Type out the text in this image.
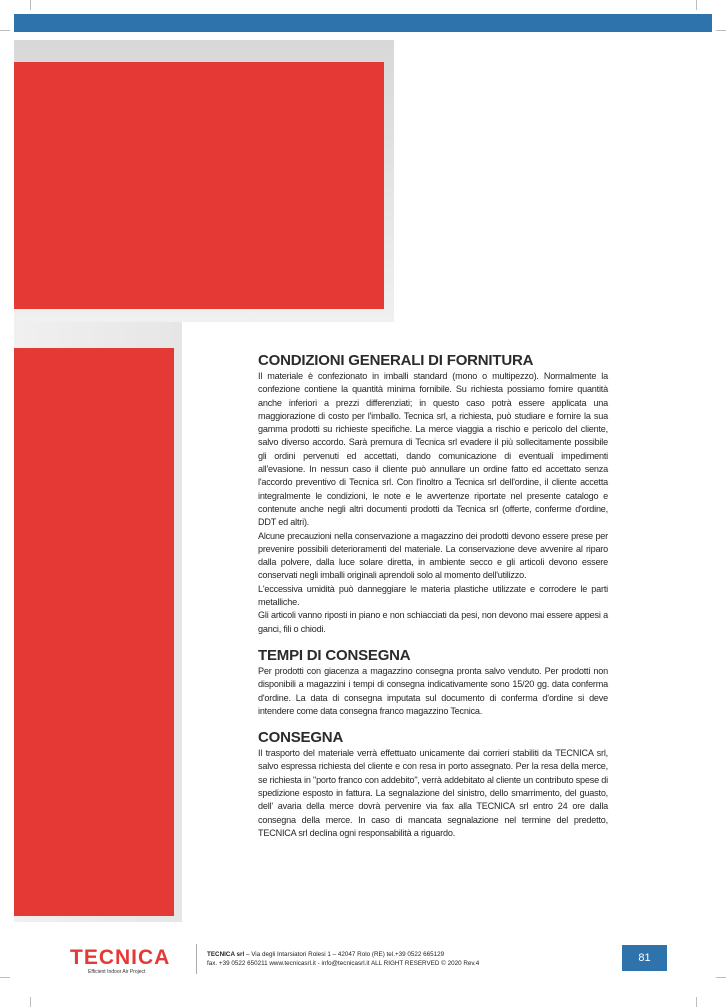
CONDIZIONI GENERALI DI FORNITURA

Il materiale è confezionato in imballi standard (mono o multipezzo). Normalmente la confezione contiene la quantità minima fornibile. Su richiesta possiamo fornire quantità anche inferiori a prezzi differenziati; in questo caso potrà essere applicata una maggiorazione di costo per l'imballo. Tecnica srl, a richiesta, può studiare e fornire la sua gamma prodotti su richieste specifiche. La merce viaggia a rischio e pericolo del cliente, salvo diverso accordo. Sarà premura di Tecnica srl evadere il più sollecitamente possibile gli ordini pervenuti ed accettati, dando comunicazione di eventuali impedimenti all'evasione. In nessun caso il cliente può annullare un ordine fatto ed accettato senza l'accordo preventivo di Tecnica srl. Con l'inoltro a Tecnica srl dell'ordine, il cliente accetta integralmente le condizioni, le note e le avvertenze riportate nel presente catalogo e contenute anche negli altri documenti prodotti da Tecnica srl (offerte, conferme d'ordine, DDT ed altri).

Alcune precauzioni nella conservazione a magazzino dei prodotti devono essere prese per prevenire possibili deterioramenti del materiale. La conservazione deve avvenire al riparo dalla polvere, dalla luce solare diretta, in ambiente secco e gli articoli devono essere conservati negli imballi originali aprendoli solo al momento dell'utilizzo.

L'eccessiva umidità può danneggiare le materia plastiche utilizzate e corrodere le parti metalliche.

Gli articoli vanno riposti in piano e non schiacciati da pesi, non devono mai essere appesi a ganci, fili o chiodi.

TEMPI DI CONSEGNA

Per prodotti con giacenza a magazzino consegna pronta salvo venduto. Per prodotti non disponibili a magazzini i tempi di consegna indicativamente sono 15/20 gg. data conferma d'ordine. La data di consegna imputata sul documento di conferma d'ordine si deve intendere come data consegna franco magazzino Tecnica.

CONSEGNA

Il trasporto del materiale verrà effettuato unicamente dai corrieri stabiliti da TECNICA srl, salvo espressa richiesta del cliente e con resa in porto assegnato. Per la resa della merce, se richiesta in "porto franco con addebito", verrà addebitato al cliente un contributo spese di spedizione esposto in fattura. La segnalazione del sinistro, dello smarrimento, del guasto, dell' avaria della merce dovrà pervenire via fax alla TECNICA srl entro 24 ore dalla consegna della merce. In caso di mancata segnalazione nel termine del predetto, TECNICA srl declina ogni responsabilità a riguardo.

TECNICA
Efficient Indoor Air Project
TECNICA srl – Via degli Intarsiatori Rolesi 1 – 42047 Rolo (RE) tel.+39 0522 665129
fax. +39 0522 650211 www.tecnicasrl.it - info@tecnicasrl.it ALL RIGHT RESERVED © 2020 Rev.4	81
